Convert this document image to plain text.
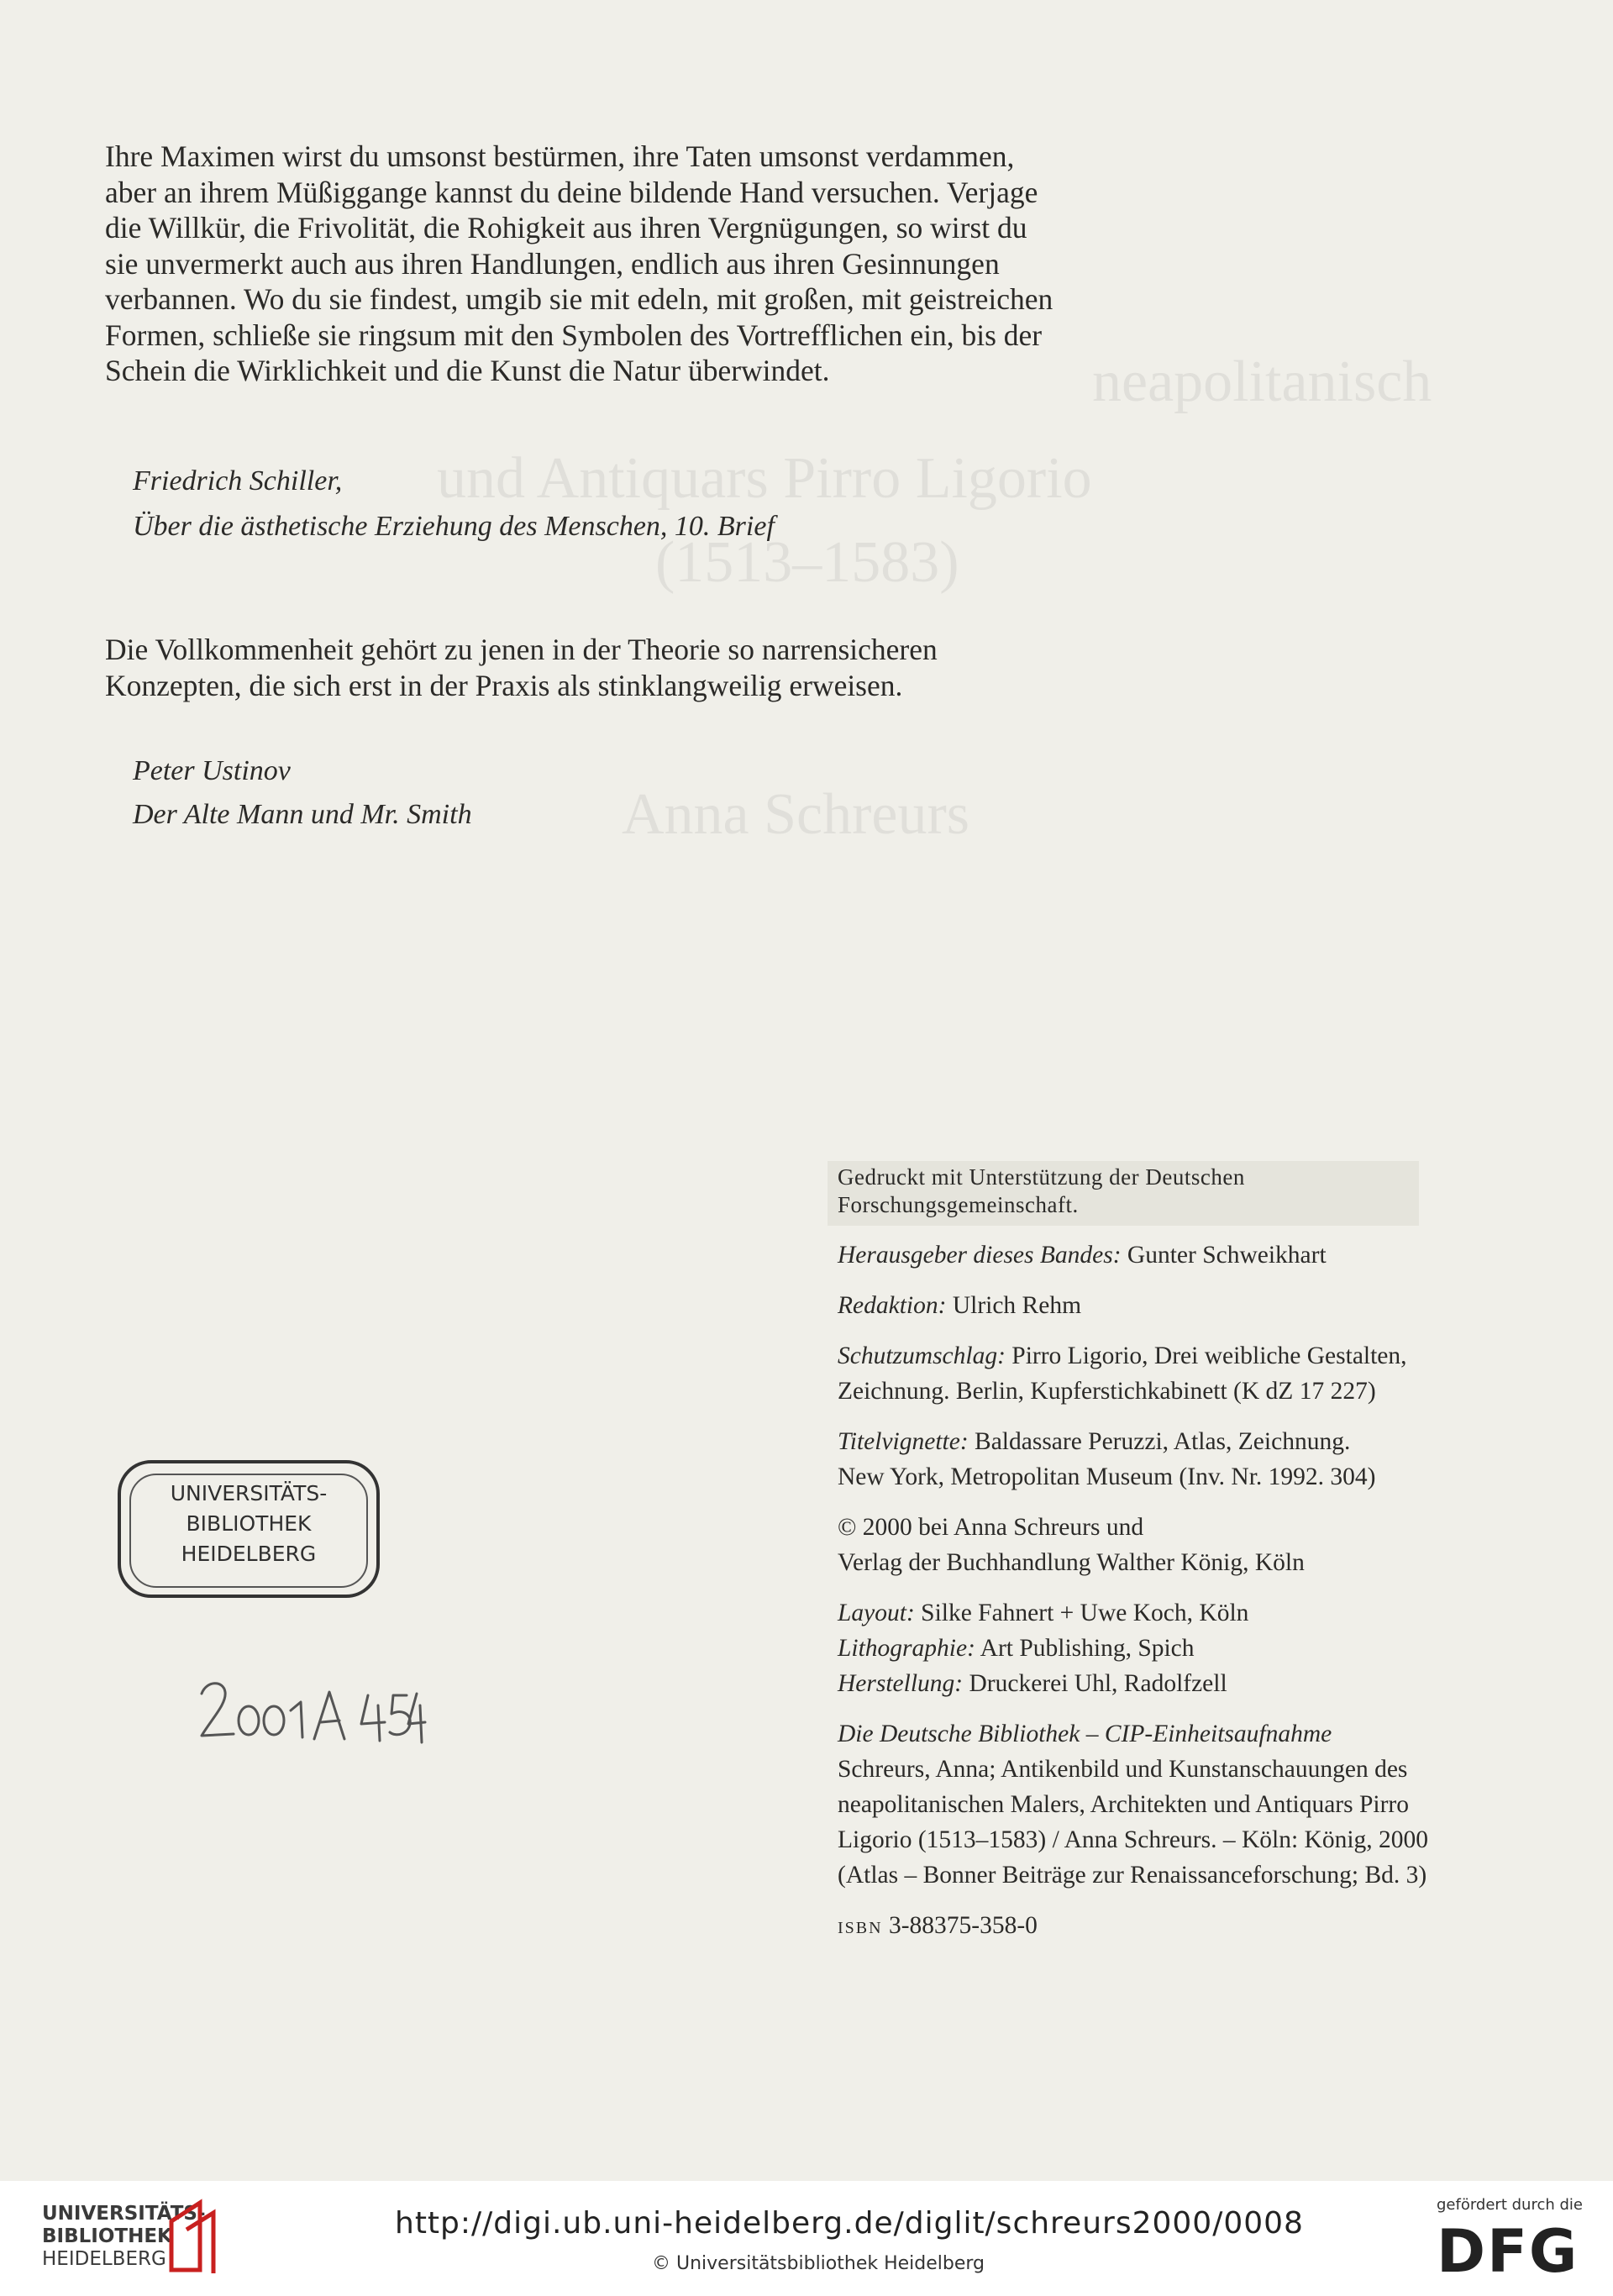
neapolitanisch
und Antiquars Pirro Ligorio
(1513–1583)
Anna Schreurs
Ihre Maximen wirst du umsonst bestürmen, ihre Taten umsonst verdammen,
aber an ihrem Müßiggange kannst du deine bildende Hand versuchen. Verjage
die Willkür, die Frivolität, die Rohigkeit aus ihren Vergnügungen, so wirst du
sie unvermerkt auch aus ihren Handlungen, endlich aus ihren Gesinnungen
verbannen. Wo du sie findest, umgib sie mit edeln, mit großen, mit geistreichen
Formen, schließe sie ringsum mit den Symbolen des Vortrefflichen ein, bis der
Schein die Wirklichkeit und die Kunst die Natur überwindet.
Friedrich Schiller,
Über die ästhetische Erziehung des Menschen, 10. Brief
Die Vollkommenheit gehört zu jenen in der Theorie so narrensicheren
Konzepten, die sich erst in der Praxis als stinklangweilig erweisen.
Peter Ustinov
Der Alte Mann und Mr. Smith
Gedruckt mit Unterstützung der Deutschen
Forschungsgemeinschaft.
Herausgeber dieses Bandes: Gunter Schweikhart
Redaktion: Ulrich Rehm
Schutzumschlag: Pirro Ligorio, Drei weibliche Gestalten,
Zeichnung. Berlin, Kupferstichkabinett (K dZ 17 227)
Titelvignette: Baldassare Peruzzi, Atlas, Zeichnung.
New York, Metropolitan Museum (Inv. Nr. 1992. 304)
© 2000 bei Anna Schreurs und
Verlag der Buchhandlung Walther König, Köln
Layout: Silke Fahnert + Uwe Koch, Köln
Lithographie: Art Publishing, Spich
Herstellung: Druckerei Uhl, Radolfzell
Die Deutsche Bibliothek – CIP-Einheitsaufnahme
Schreurs, Anna; Antikenbild und Kunstanschauungen des
neapolitanischen Malers, Architekten und Antiquars Pirro
Ligorio (1513–1583) / Anna Schreurs. – Köln: König, 2000
(Atlas – Bonner Beiträge zur Renaissanceforschung; Bd. 3)
ISBN 3-88375-358-0
UNIVERSITÄTS-
BIBLIOTHEK
HEIDELBERG
UNIVERSITÄTS-
BIBLIOTHEK
HEIDELBERG
http://digi.ub.uni-heidelberg.de/diglit/schreurs2000/0008
© Universitätsbibliothek Heidelberg
gefördert durch die
DFG
